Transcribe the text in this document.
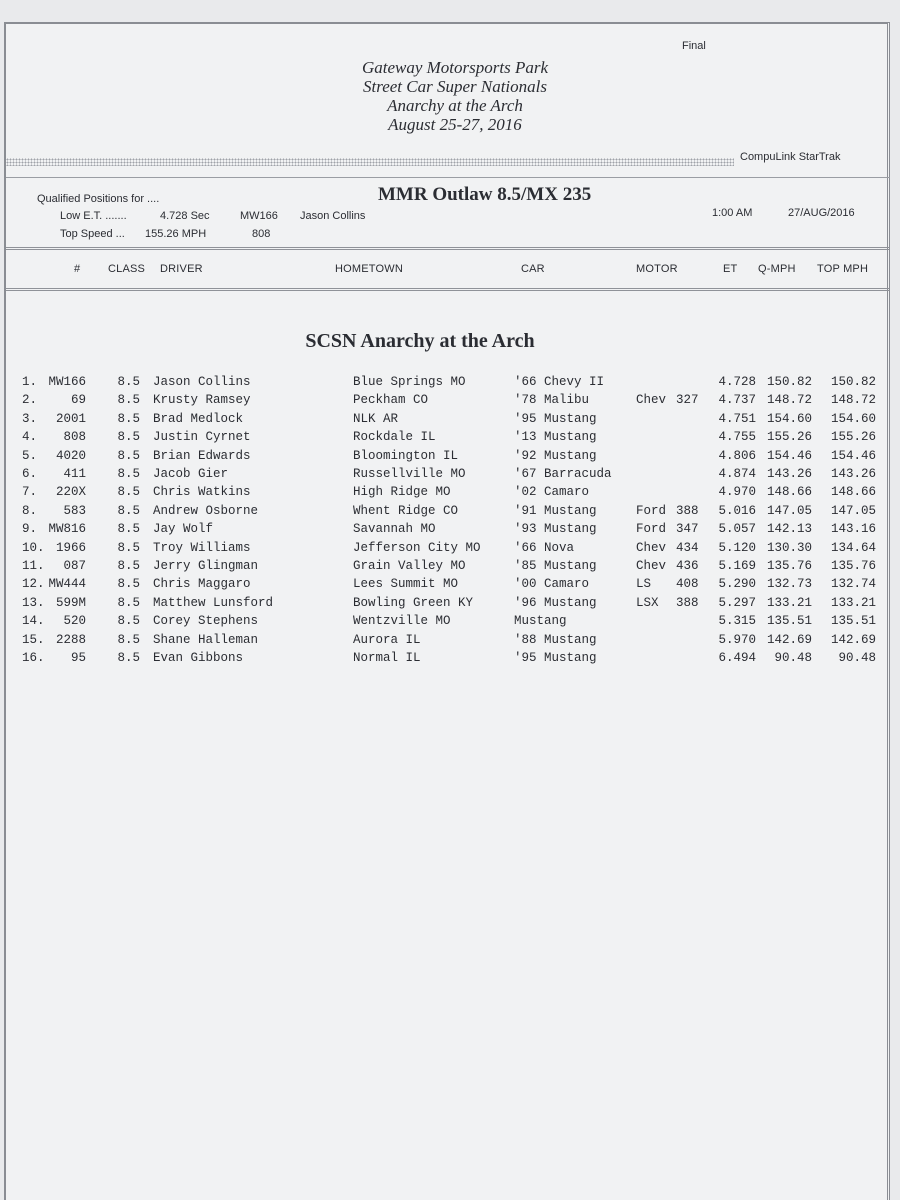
Final
Gateway Motorsports Park
Street Car Super Nationals
Anarchy at the Arch
August 25-27, 2016
CompuLink StarTrak
Qualified Positions for ....
Low E.T. .......	4.728 Sec	MW166 Jason Collins
Top Speed ... 155.26 MPH	808
MMR Outlaw 8.5/MX 235
1:00 AM	27/AUG/2016
#	CLASS DRIVER	HOMETOWN	CAR	MOTOR	ET Q-MPH TOP MPH
SCSN Anarchy at the Arch
1. MW166	8.5 Jason Collins	Blue Springs MO	'66 Chevy II	4.728 150.82	150.82
2.	69	8.5 Krusty Ramsey	Peckham CO	'78 Malibu	Chev 327	4.737 148.72	148.72
3.	2001	8.5 Brad Medlock	NLK AR	'95 Mustang	4.751 154.60	154.60
4.	808	8.5 Justin Cyrnet	Rockdale IL	'13 Mustang	4.755 155.26	155.26
5.	4020	8.5 Brian Edwards	Bloomington IL	'92 Mustang	4.806 154.46	154.46
6.	411	8.5 Jacob Gier	Russellville MO	'67 Barracuda	4.874 143.26	143.26
7.	220X	8.5 Chris Watkins	High Ridge MO	'02 Camaro	4.970 148.66	148.66
8.	583	8.5 Andrew Osborne	Whent Ridge CO	'91 Mustang	Ford 388	5.016 147.05	147.05
9. MW816	8.5 Jay Wolf	Savannah MO	'93 Mustang	Ford 347	5.057 142.13	143.16
10. 1966	8.5 Troy Williams	Jefferson City MO	'66 Nova	Chev 434	5.120 130.30	134.64
11.	087	8.5 Jerry Glingman	Grain Valley MO	'85 Mustang	Chev 436	5.169 135.76	135.76
12. MW444	8.5 Chris Maggaro	Lees Summit MO	'00 Camaro	LS	408	5.290 132.73	132.74
13. 599M	8.5 Matthew Lunsford	Bowling Green KY	'96 Mustang	LSX	388	5.297 133.21	133.21
14.	520	8.5 Corey Stephens	Wentzville MO	Mustang	5.315 135.51	135.51
15. 2288	8.5 Shane Halleman	Aurora IL	'88 Mustang	5.970 142.69	142.69
16.	95	8.5 Evan Gibbons	Normal IL	'95 Mustang	6.494	90.48	90.48
